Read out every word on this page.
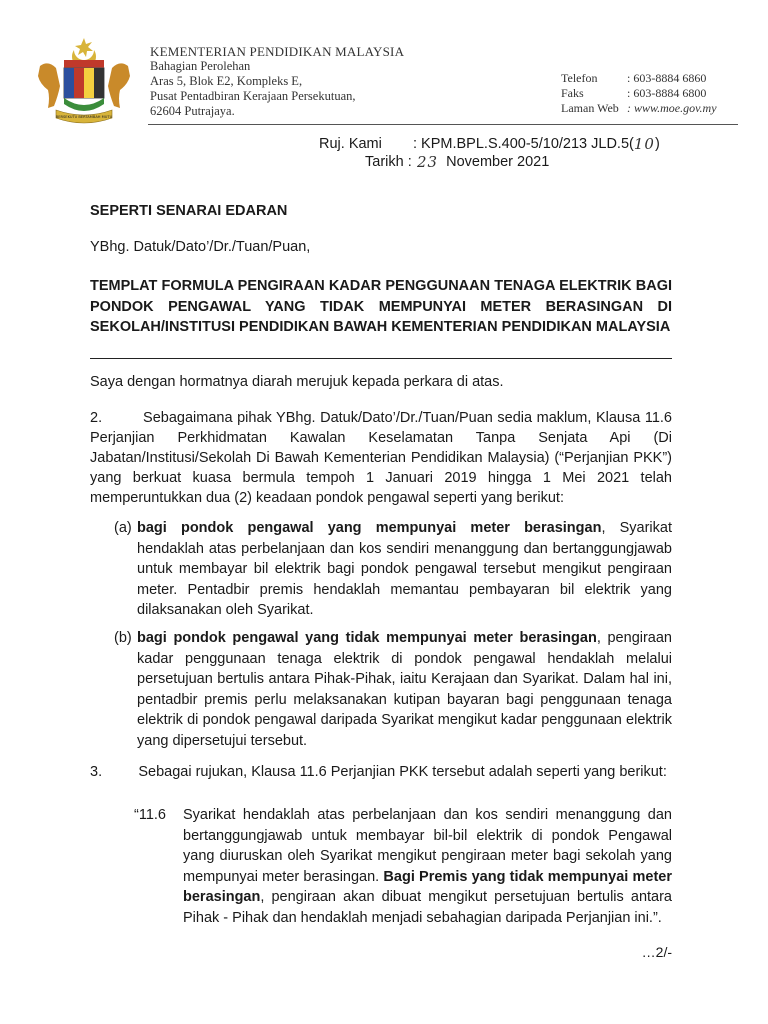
BERSEKUTU BERTAMBAH MUTU
KEMENTERIAN PENDIDIKAN MALAYSIA
Bahagian Perolehan
Aras 5, Blok E2, Kompleks E,
Pusat Pentadbiran Kerajaan Persekutuan,
62604 Putrajaya.
Telefon	: 603-8884 6860
Faks	: 603-8884 6800
Laman Web : www.moe.gov.my
Ruj. Kami	: KPM.BPL.S.400-5/10/213 JLD.5( 10 )
Tarikh : 23 November 2021
SEPERTI SENARAI EDARAN
YBhg. Datuk/Dato’/Dr./Tuan/Puan,
TEMPLAT FORMULA PENGIRAAN KADAR PENGGUNAAN TENAGA ELEKTRIK BAGI PONDOK PENGAWAL YANG TIDAK MEMPUNYAI METER BERASINGAN DI SEKOLAH/INSTITUSI PENDIDIKAN BAWAH KEMENTERIAN PENDIDIKAN MALAYSIA
Saya dengan hormatnya diarah merujuk kepada perkara di atas.
2.         Sebagaimana pihak YBhg. Datuk/Dato’/Dr./Tuan/Puan sedia maklum, Klausa 11.6 Perjanjian Perkhidmatan Kawalan Keselamatan Tanpa Senjata Api (Di Jabatan/Institusi/Sekolah Di Bawah Kementerian Pendidikan Malaysia) (“Perjanjian PKK”) yang berkuat kuasa bermula tempoh 1 Januari 2019 hingga 1 Mei 2021 telah memperuntukkan dua (2) keadaan pondok pengawal seperti yang berikut:
(a) bagi pondok pengawal yang mempunyai meter berasingan, Syarikat hendaklah atas perbelanjaan dan kos sendiri menanggung dan bertanggungjawab untuk membayar bil elektrik bagi pondok pengawal tersebut mengikut pengiraan meter. Pentadbir premis hendaklah memantau pembayaran bil elektrik yang dilaksanakan oleh Syarikat.
(b) bagi pondok pengawal yang tidak mempunyai meter berasingan, pengiraan kadar penggunaan tenaga elektrik di pondok pengawal hendaklah melalui persetujuan bertulis antara Pihak-Pihak, iaitu Kerajaan dan Syarikat. Dalam hal ini, pentadbir premis perlu melaksanakan kutipan bayaran bagi penggunaan tenaga elektrik di pondok pengawal daripada Syarikat mengikut kadar penggunaan elektrik yang dipersetujui tersebut.
3.         Sebagai rujukan, Klausa 11.6 Perjanjian PKK tersebut adalah seperti yang berikut:
“11.6	Syarikat hendaklah atas perbelanjaan dan kos sendiri menanggung dan bertanggungjawab untuk membayar bil-bil elektrik di pondok Pengawal yang diuruskan oleh Syarikat mengikut pengiraan meter bagi sekolah yang mempunyai meter berasingan. Bagi Premis yang tidak mempunyai meter berasingan, pengiraan akan dibuat mengikut persetujuan bertulis antara Pihak - Pihak dan hendaklah menjadi sebahagian daripada Perjanjian ini.”.
…2/-
